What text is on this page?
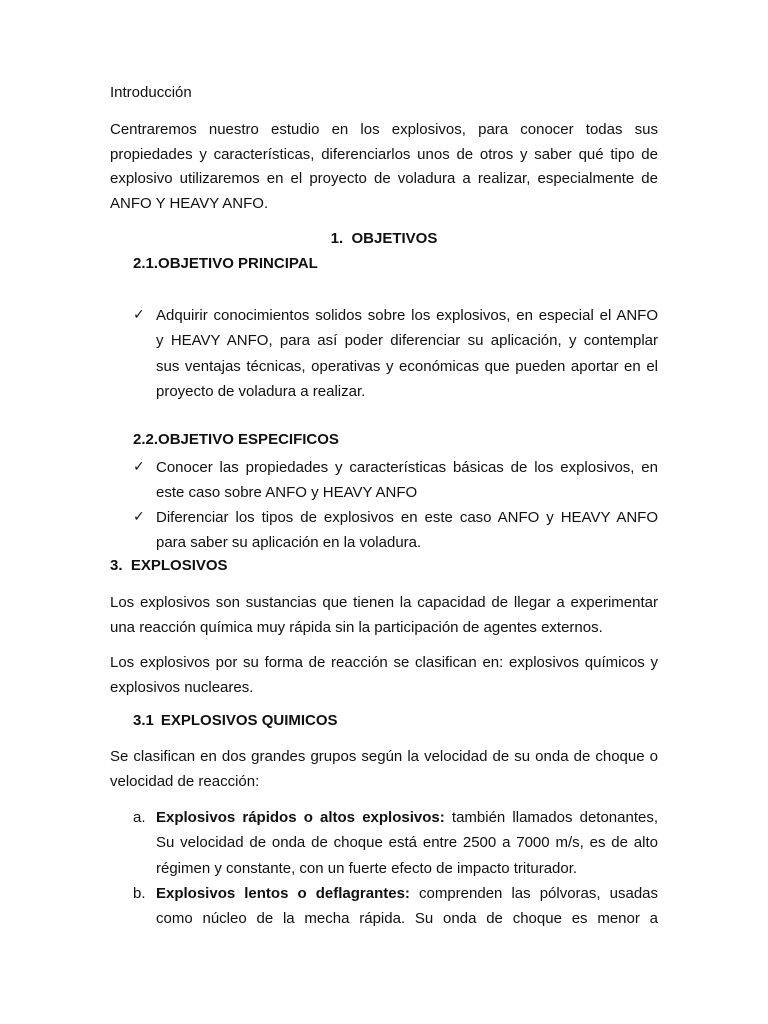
Introducción

Centraremos nuestro estudio en los explosivos, para conocer todas sus
propiedades y características, diferenciarlos unos de otros y saber qué tipo de
explosivo utilizaremos en el proyecto de voladura a realizar, especialmente de
ANFO Y HEAVY ANFO.
1. OBJETIVOS
2.1.OBJETIVO PRINCIPAL
✓ Adquirir conocimientos solidos sobre los explosivos, en especial el ANFO
y HEAVY ANFO, para así poder diferenciar su aplicación, y contemplar
sus ventajas técnicas, operativas y económicas que pueden aportar en el
proyecto de voladura a realizar.
2.2.OBJETIVO ESPECIFICOS
✓ Conocer las propiedades y características básicas de los explosivos, en
este caso sobre ANFO y HEAVY ANFO
✓ Diferenciar los tipos de explosivos en este caso ANFO y HEAVY ANFO
para saber su aplicación en la voladura.
3. EXPLOSIVOS
Los explosivos son sustancias que tienen la capacidad de llegar a experimentar
una reacción química muy rápida sin la participación de agentes externos.
Los explosivos por su forma de reacción se clasifican en: explosivos químicos y
explosivos nucleares.
3.1 EXPLOSIVOS QUIMICOS
Se clasifican en dos grandes grupos según la velocidad de su onda de choque o
velocidad de reacción:
a. Explosivos rápidos o altos explosivos: también llamados detonantes,
Su velocidad de onda de choque está entre 2500 a 7000 m/s, es de alto
régimen y constante, con un fuerte efecto de impacto triturador.
b. Explosivos lentos o deflagrantes: comprenden las pólvoras, usadas
como núcleo de la mecha rápida. Su onda de choque es menor a
